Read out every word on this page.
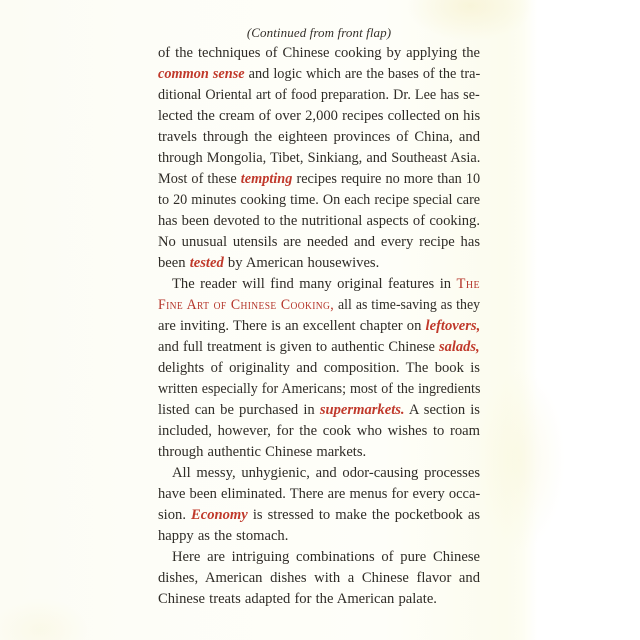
(Continued from front flap)
of the techniques of Chinese cooking by applying the
common sense and logic which are the bases of the tra-
ditional Oriental art of food preparation. Dr. Lee has se-
lected the cream of over 2,000 recipes collected on his
travels through the eighteen provinces of China, and
through Mongolia, Tibet, Sinkiang, and Southeast Asia.
Most of these tempting recipes require no more than 10
to 20 minutes cooking time. On each recipe special care
has been devoted to the nutritional aspects of cooking.
No unusual utensils are needed and every recipe has
been tested by American housewives.
The reader will find many original features in The
Fine Art of Chinese Cooking, all as time-saving as they
are inviting. There is an excellent chapter on leftovers,
and full treatment is given to authentic Chinese salads,
delights of originality and composition. The book is
written especially for Americans; most of the ingredients
listed can be purchased in supermarkets. A section is
included, however, for the cook who wishes to roam
through authentic Chinese markets.
All messy, unhygienic, and odor-causing processes
have been eliminated. There are menus for every occa-
sion. Economy is stressed to make the pocketbook as
happy as the stomach.
Here are intriguing combinations of pure Chinese
dishes, American dishes with a Chinese flavor and
Chinese treats adapted for the American palate.
